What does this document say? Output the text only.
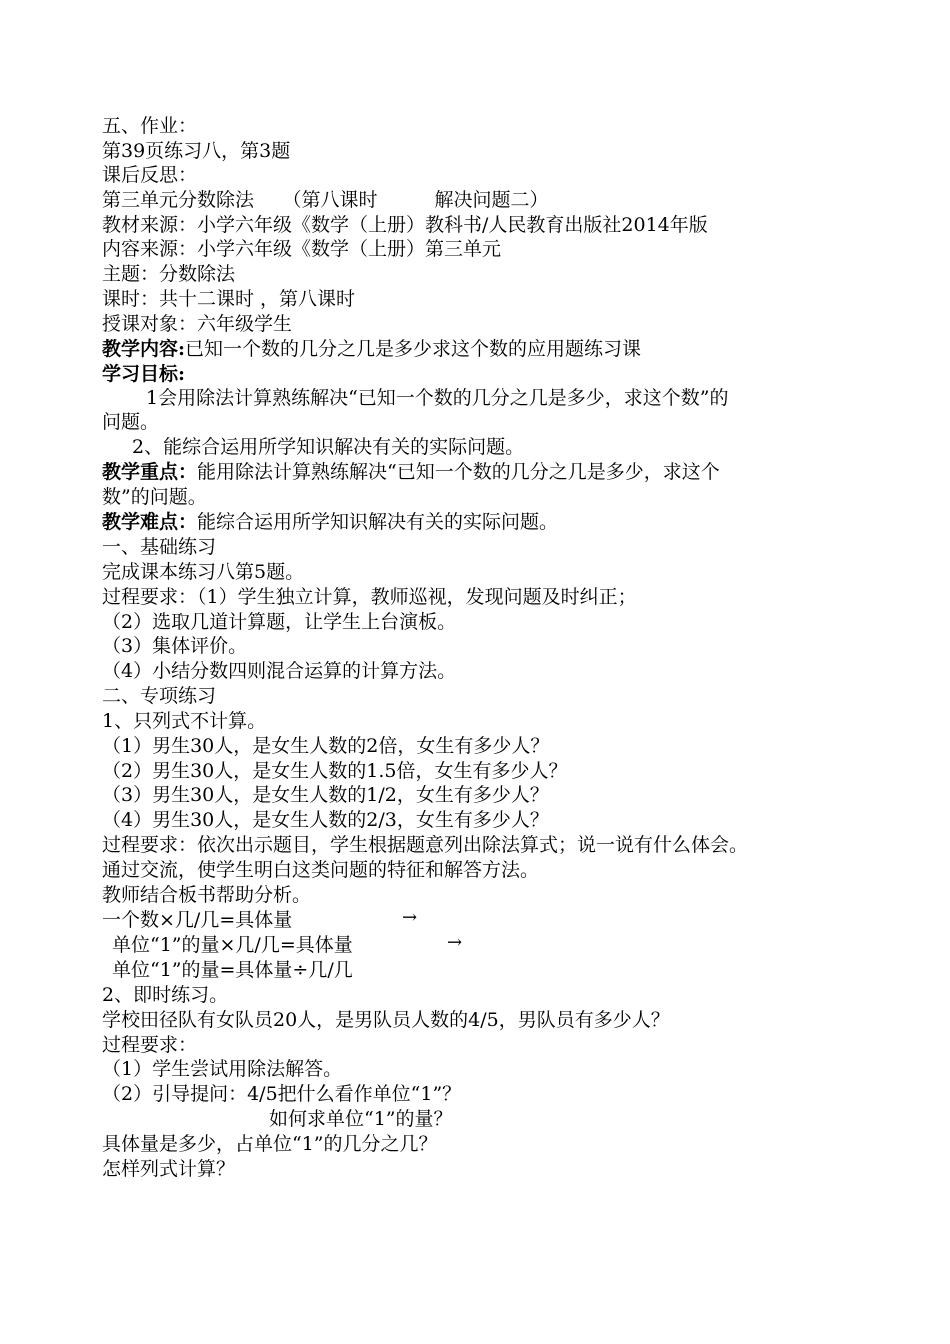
五、作业：
第39页练习八，第3题
课后反思：
第三单元分数除法　　（第八课时　　　解决问题二）
教材来源：小学六年级《数学（上册）教科书/人民教育出版社2014年版
内容来源：小学六年级《数学（上册）第三单元
主题：分数除法
课时：共十二课时 ，第八课时
授课对象：六年级学生
教学内容:已知一个数的几分之几是多少求这个数的应用题练习课
学习目标:
1会用除法计算熟练解决“已知一个数的几分之几是多少，求这个数”的
问题。
2、能综合运用所学知识解决有关的实际问题。
教学重点：能用除法计算熟练解决“已知一个数的几分之几是多少，求这个
数”的问题。
教学难点：能综合运用所学知识解决有关的实际问题。
一、基础练习
完成课本练习八第5题。
过程要求：（1）学生独立计算，教师巡视，发现问题及时纠正；
（2）选取几道计算题，让学生上台演板。
（3）集体评价。
（4）小结分数四则混合运算的计算方法。
二、专项练习
1、只列式不计算。
（1）男生30人，是女生人数的2倍，女生有多少人？
（2）男生30人，是女生人数的1.5倍，女生有多少人？
（3）男生30人，是女生人数的1/2，女生有多少人？
（4）男生30人，是女生人数的2/3，女生有多少人？
过程要求：依次出示题目，学生根据题意列出除法算式；说一说有什么体会。
通过交流，使学生明白这类问题的特征和解答方法。
教师结合板书帮助分析。
一个数×几/几=具体量	→
单位“1”的量×几/几=具体量	→
单位“1”的量=具体量÷几/几
2、即时练习。
学校田径队有女队员20人，是男队员人数的4/5，男队员有多少人？
过程要求：
（1）学生尝试用除法解答。
（2）引导提问：4/5把什么看作单位“1”？
如何求单位“1”的量？
具体量是多少，占单位“1”的几分之几？
怎样列式计算？
